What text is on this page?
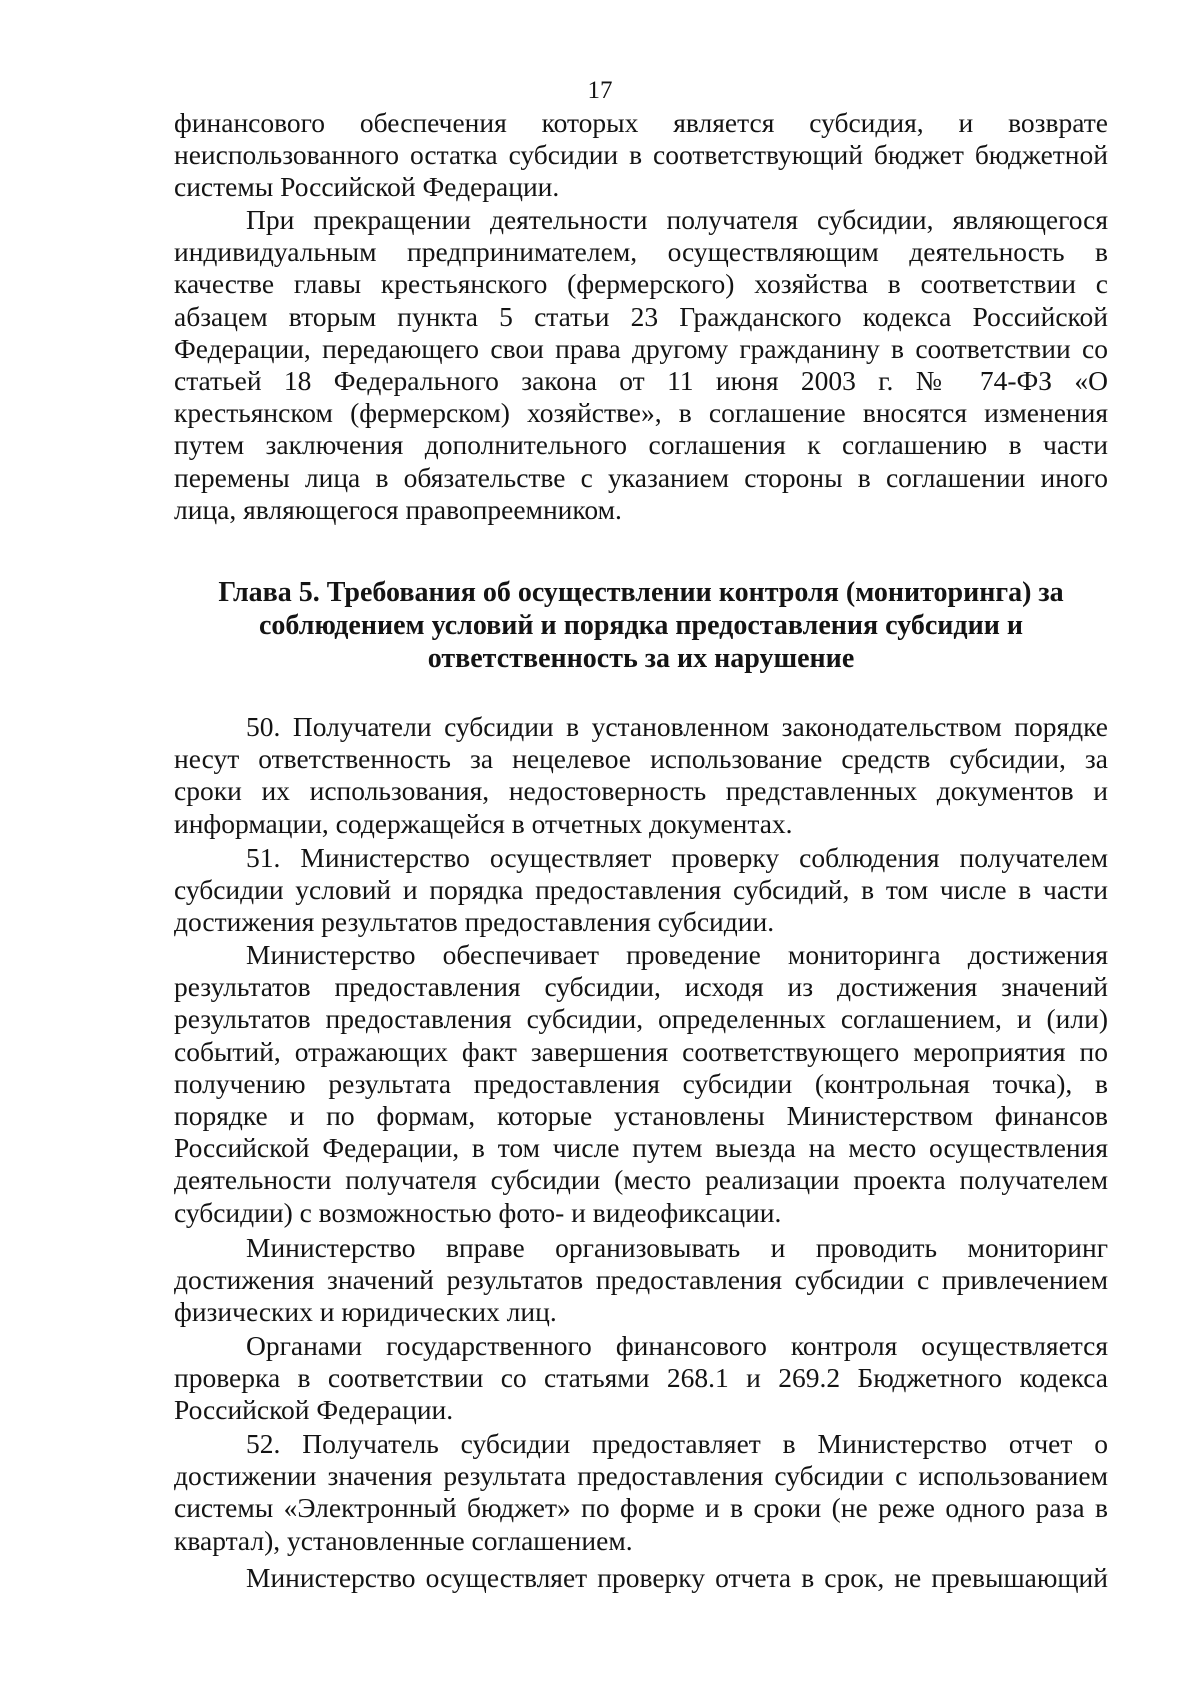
17

финансового обеспечения которых является субсидия, и возврате

неиспользованного остатка субсидии в соответствующий бюджет бюджетной

системы Российской Федерации.

При прекращении деятельности получателя субсидии, являющегося

индивидуальным предпринимателем, осуществляющим деятельность в

качестве главы крестьянского (фермерского) хозяйства в соответствии с

абзацем вторым пункта 5 статьи 23 Гражданского кодекса Российской

Федерации, передающего свои права другому гражданину в соответствии со

статьей 18 Федерального закона от 11 июня 2003 г. № 74-ФЗ «О

крестьянском (фермерском) хозяйстве», в соглашение вносятся изменения

путем заключения дополнительного соглашения к соглашению в части

перемены лица в обязательстве с указанием стороны в соглашении иного

лица, являющегося правопреемником.

Глава 5. Требования об осуществлении контроля (мониторинга) за
соблюдением условий и порядка предоставления субсидии и
ответственность за их нарушение

50. Получатели субсидии в установленном законодательством порядке

несут ответственность за нецелевое использование средств субсидии, за

сроки их использования, недостоверность представленных документов и

информации, содержащейся в отчетных документах.

51. Министерство осуществляет проверку соблюдения получателем

субсидии условий и порядка предоставления субсидий, в том числе в части

достижения результатов предоставления субсидии.

Министерство обеспечивает проведение мониторинга достижения

результатов предоставления субсидии, исходя из достижения значений

результатов предоставления субсидии, определенных соглашением, и (или)

событий, отражающих факт завершения соответствующего мероприятия по

получению результата предоставления субсидии (контрольная точка), в

порядке и по формам, которые установлены Министерством финансов

Российской Федерации, в том числе путем выезда на место осуществления

деятельности получателя субсидии (место реализации проекта получателем

субсидии) с возможностью фото- и видеофиксации.

Министерство вправе организовывать и проводить мониторинг

достижения значений результатов предоставления субсидии с привлечением

физических и юридических лиц.

Органами государственного финансового контроля осуществляется

проверка в соответствии со статьями 268.1 и 269.2 Бюджетного кодекса

Российской Федерации.

52. Получатель субсидии предоставляет в Министерство отчет о

достижении значения результата предоставления субсидии с использованием

системы «Электронный бюджет» по форме и в сроки (не реже одного раза в

квартал), установленные соглашением.

Министерство осуществляет проверку отчета в срок, не превышающий
